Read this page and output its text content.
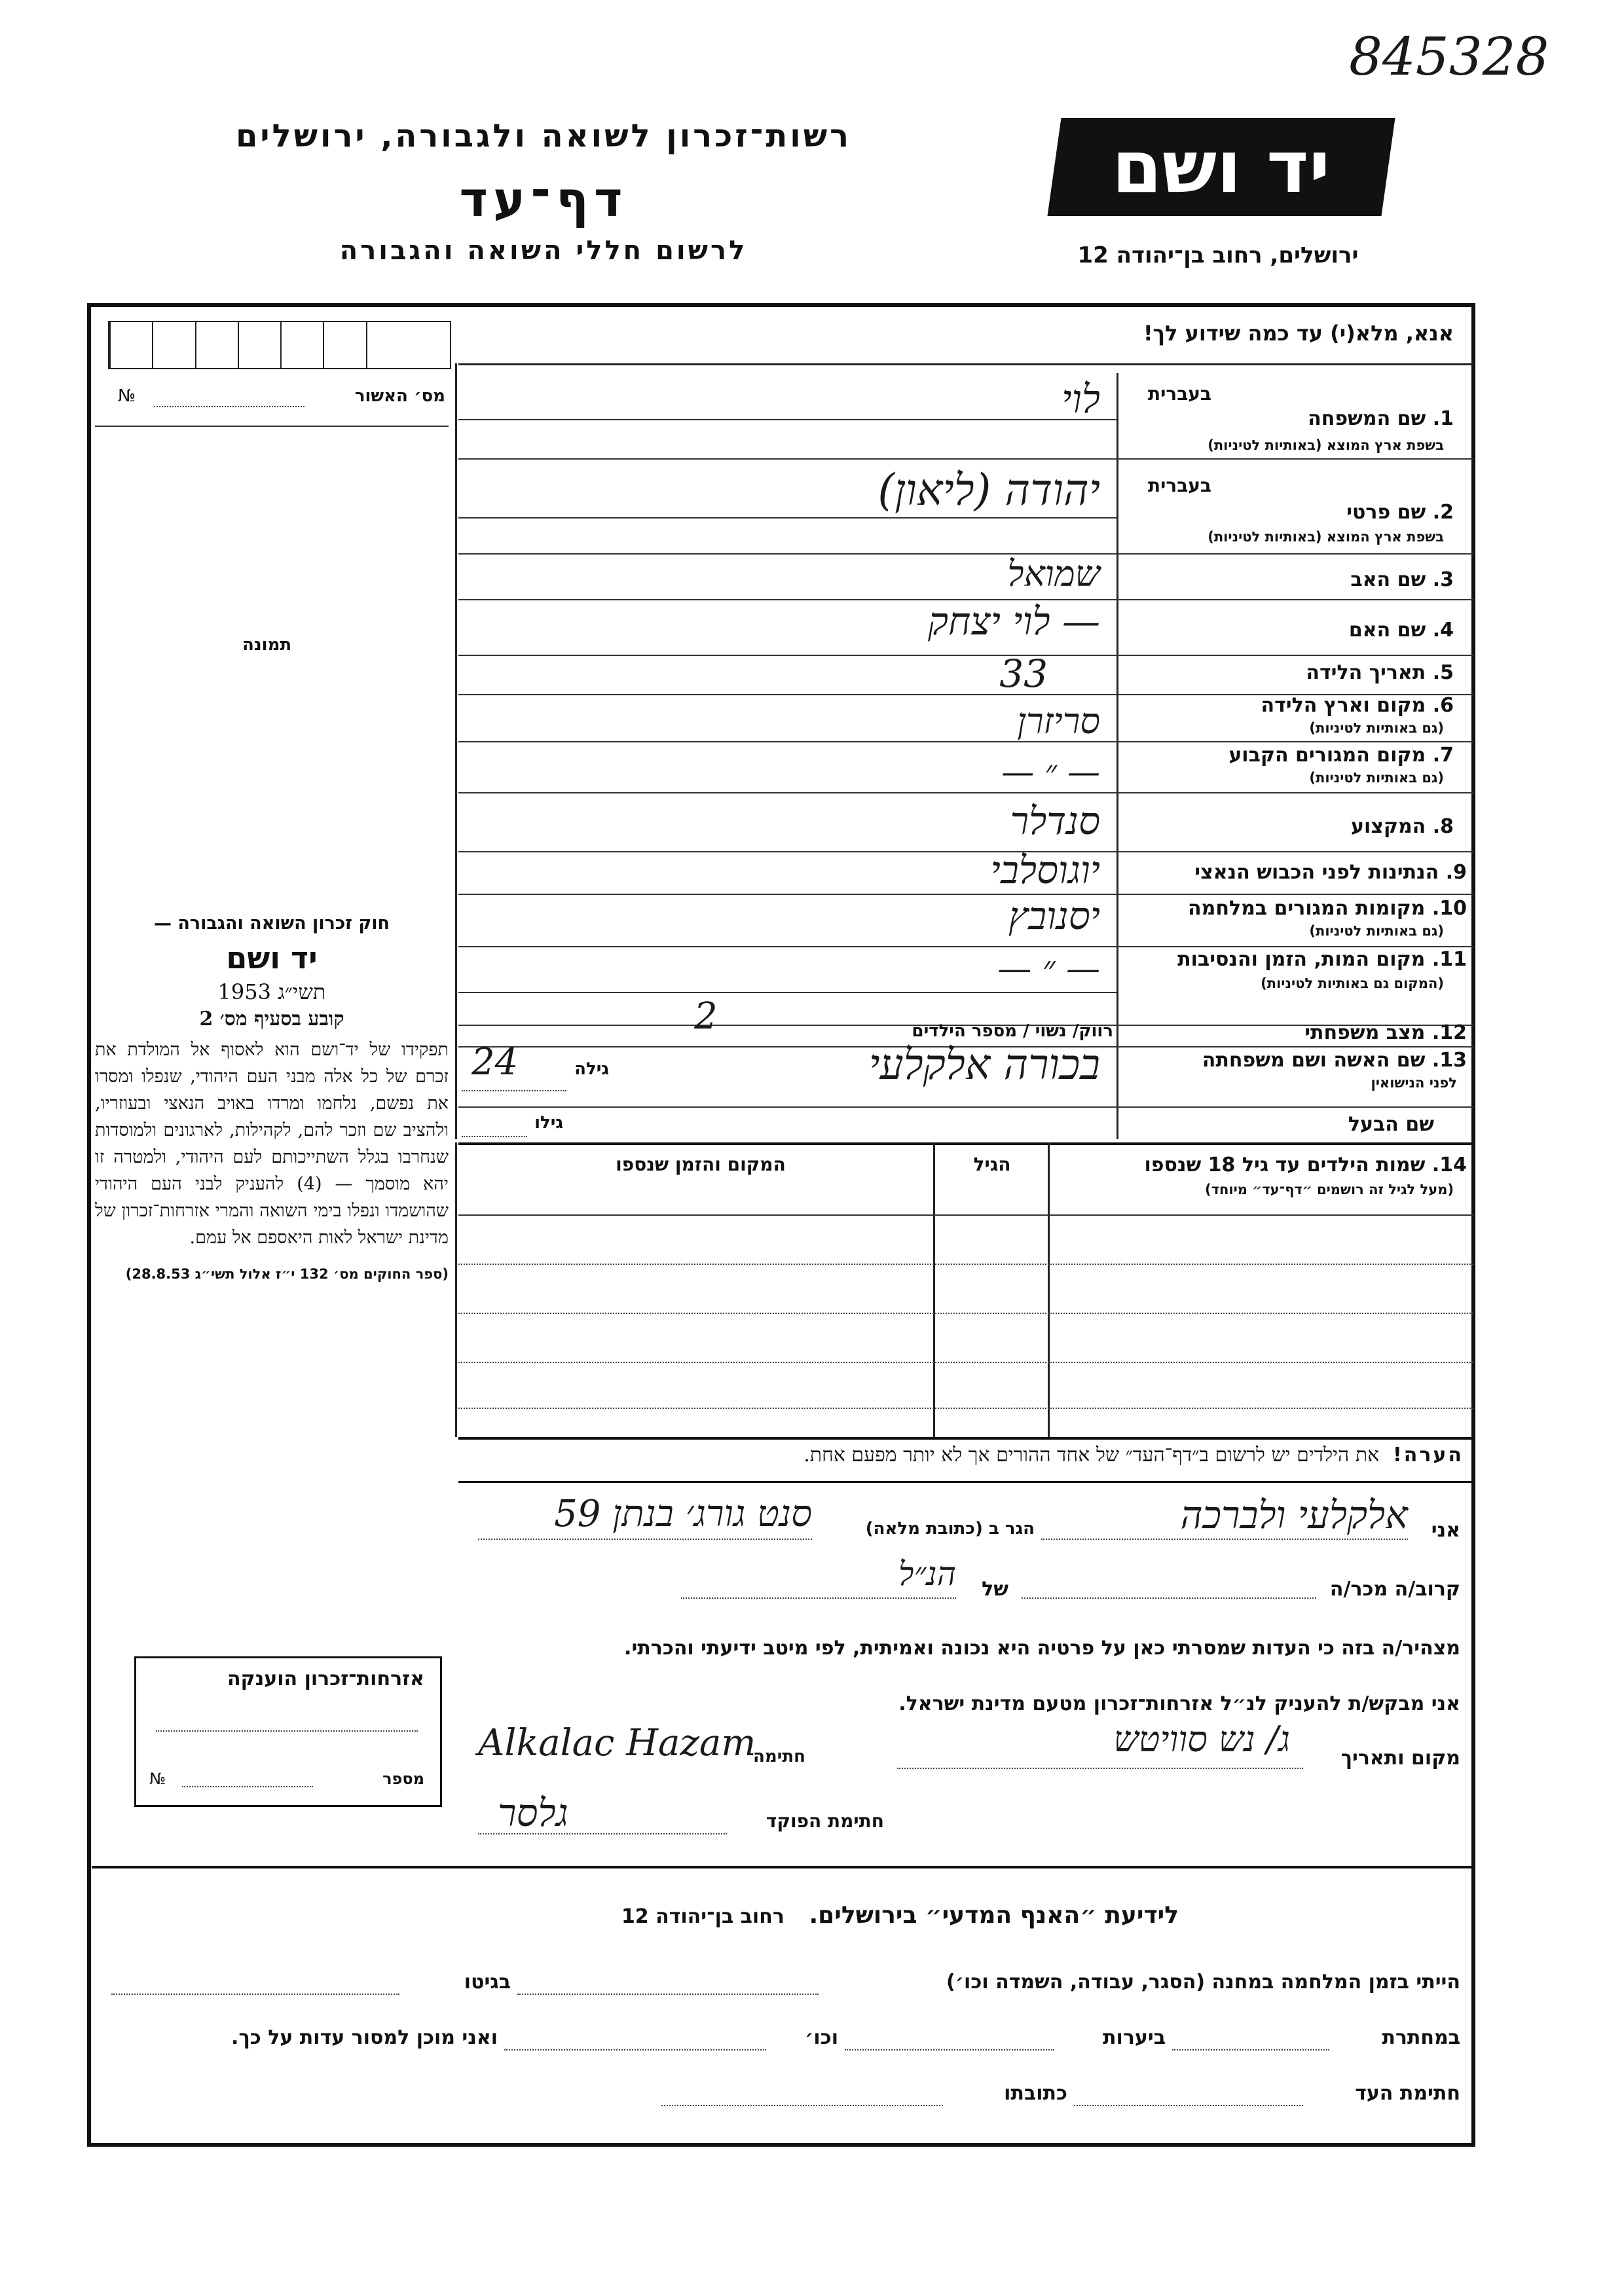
845328
רשות־זכרון לשואה ולגבורה, ירושלים
דף־עד
לרשום חללי השואה והגבורה
יד ושם
ירושלים, רחוב בן־יהודה 12
אנא, מלא(י) עד כמה שידוע לך!
מס׳ האשור
№
תמונה
בעברית
1. שם המשפחה
בשפת ארץ המוצא (באותיות לטיניות)
לוי
בעברית
2. שם פרטי
בשפת ארץ המוצא (באותיות לטיניות)
יהודה (ליאון)
3. שם האב
שמואל
4. שם האם
— לוי יצחק
5. תאריך הלידה
33
6. מקום וארץ הלידה
(גם באותיות לטיניות)
סריזרן
7. מקום המגורים הקבוע
(גם באותיות לטיניות)
— ״ —
8. המקצוע
סנדלר
9. הנתינות לפני הכבוש הנאצי
יוגוסלבי
10. מקומות המגורים במלחמה
(גם באותיות לטיניות)
יסנובץ
11. מקום המות, הזמן והנסיבות
(המקום גם באותיות לטיניות)
— ״ —
12. מצב משפחתי
רווק/ נשוי / מספר הילדים
2
13. שם האשה ושם משפחתה
לפני הנישואין
בכורה אלקלעי
גילה
24
שם הבעל
גילו
14. שמות הילדים עד גיל 18 שנספו
(מעל לגיל זה רושמים ״דף־עד״ מיוחד)
הגיל
המקום והזמן שנספו

חוק זכרון השואה והגבורה —

יד ושם

תשי״ג 1953

קובע בסעיף מס׳ 2

תפקידו של יד־ושם הוא לאסוף אל המולדת את זכרם של כל אלה מבני העם היהודי, שנפלו ומסרו את נפשם, נלחמו ומרדו באויב הנאצי ובעוזריו, ולהציב שם וזכר להם, לקהילות, לארגונים ולמוסדות שנחרבו בגלל השתייכותם לעם היהודי, ולמטרה זו יהא מוסמך — (4) להעניק לבני העם היהודי שהושמדו ונפלו בימי השואה והמרי אזרחות־זכרון של מדינת ישראל לאות היאספם אל עמם.

(ספר החוקים מס׳ 132 י״ז אלול תשי״ג 28.8.53)

הערה!  את הילדים יש לרשום ב״דף־העד״ של אחד ההורים אך לא יותר מפעם אחת.
אני
אלקלעי ולברכה
הגר ב (כתובת מלאה)
סנט גורג׳ בנתן 59
קרוב/ה מכר/ה
של
הנ״ל
מצהיר/ה בזה כי העדות שמסרתי כאן על פרטיה היא נכונה ואמיתית, לפי מיטב ידיעתי והכרתי.
אני מבקש/ת להעניק לנ״ל אזרחות־זכרון מטעם מדינת ישראל.
מקום ותאריך
ג/ נש סוויטש
חתימה
Alkalac Hazam
חתימת הפוקד
גלסר
אזרחות־זכרון הוענקה
מספר
№
לידיעת ״האנף המדעי״ בירושלים.   רחוב בן־יהודה 12
הייתי בזמן המלחמה במחנה (הסגר, עבודה, השמדה וכו׳)
בגיטו
במחתרת
ביערות
וכו׳
ואני מוכן למסור עדות על כך.
חתימת העד
כתובתו
